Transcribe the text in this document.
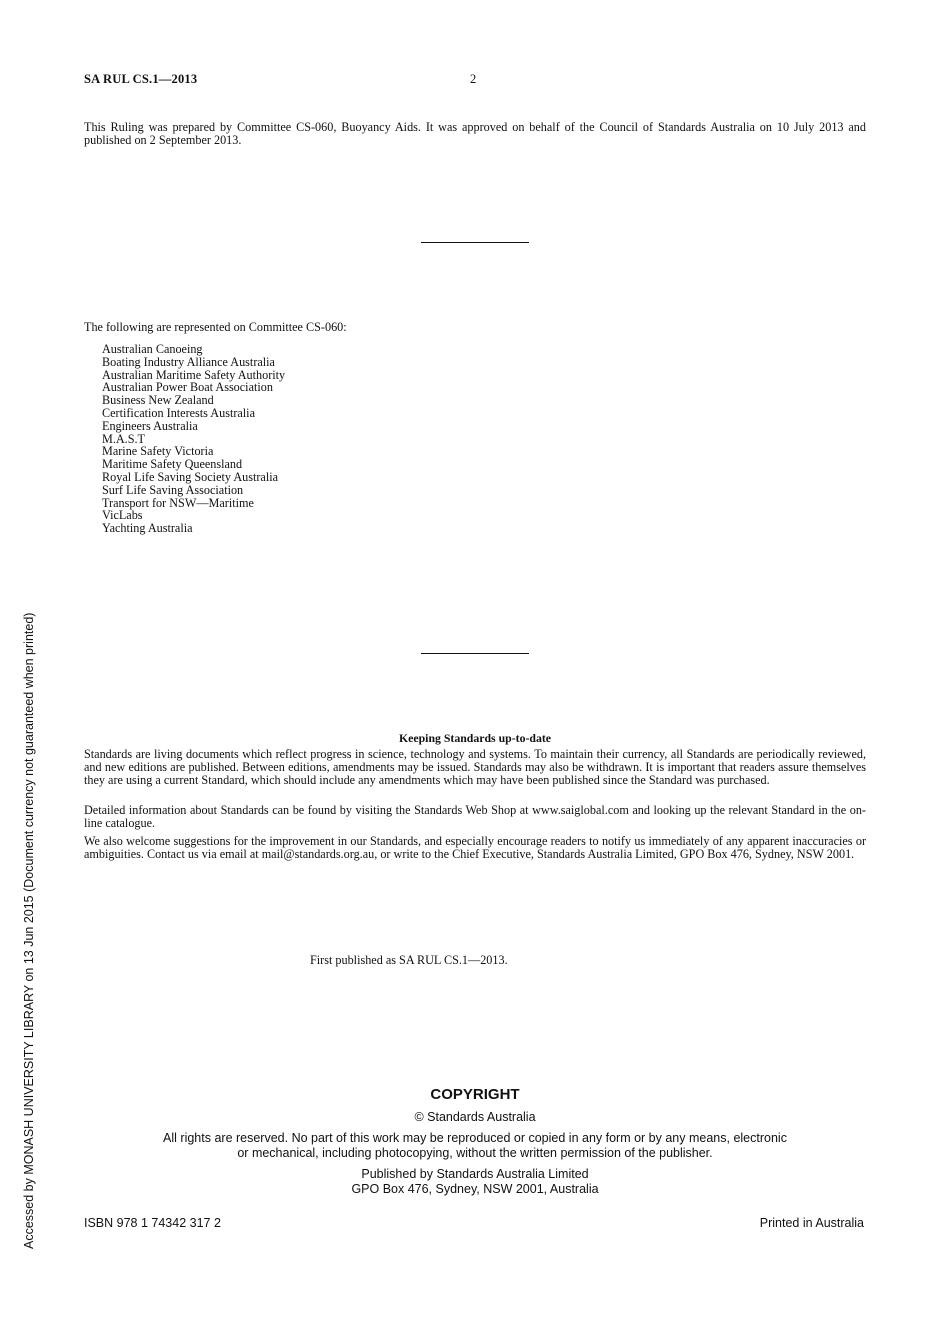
SA RUL CS.1—2013	2
This Ruling was prepared by Committee CS-060, Buoyancy Aids. It was approved on behalf of the Council of Standards Australia on 10 July 2013 and published on 2 September 2013.
The following are represented on Committee CS-060:
Australian Canoeing
Boating Industry Alliance Australia
Australian Maritime Safety Authority
Australian Power Boat Association
Business New Zealand
Certification Interests Australia
Engineers Australia
M.A.S.T
Marine Safety Victoria
Maritime Safety Queensland
Royal Life Saving Society Australia
Surf Life Saving Association
Transport for NSW—Maritime
VicLabs
Yachting Australia
Keeping Standards up-to-date
Standards are living documents which reflect progress in science, technology and systems. To maintain their currency, all Standards are periodically reviewed, and new editions are published. Between editions, amendments may be issued. Standards may also be withdrawn. It is important that readers assure themselves they are using a current Standard, which should include any amendments which may have been published since the Standard was purchased.
Detailed information about Standards can be found by visiting the Standards Web Shop at www.saiglobal.com and looking up the relevant Standard in the on-line catalogue.
We also welcome suggestions for the improvement in our Standards, and especially encourage readers to notify us immediately of any apparent inaccuracies or ambiguities. Contact us via email at mail@standards.org.au, or write to the Chief Executive, Standards Australia Limited, GPO Box 476, Sydney, NSW 2001.
First published as SA RUL CS.1—2013.
COPYRIGHT
© Standards Australia
All rights are reserved. No part of this work may be reproduced or copied in any form or by any means, electronic
or mechanical, including photocopying, without the written permission of the publisher.
Published by Standards Australia Limited
GPO Box 476, Sydney, NSW 2001, Australia
ISBN 978 1 74342 317 2	Printed in Australia
Accessed by MONASH UNIVERSITY LIBRARY on 13 Jun 2015 (Document currency not guaranteed when printed)
